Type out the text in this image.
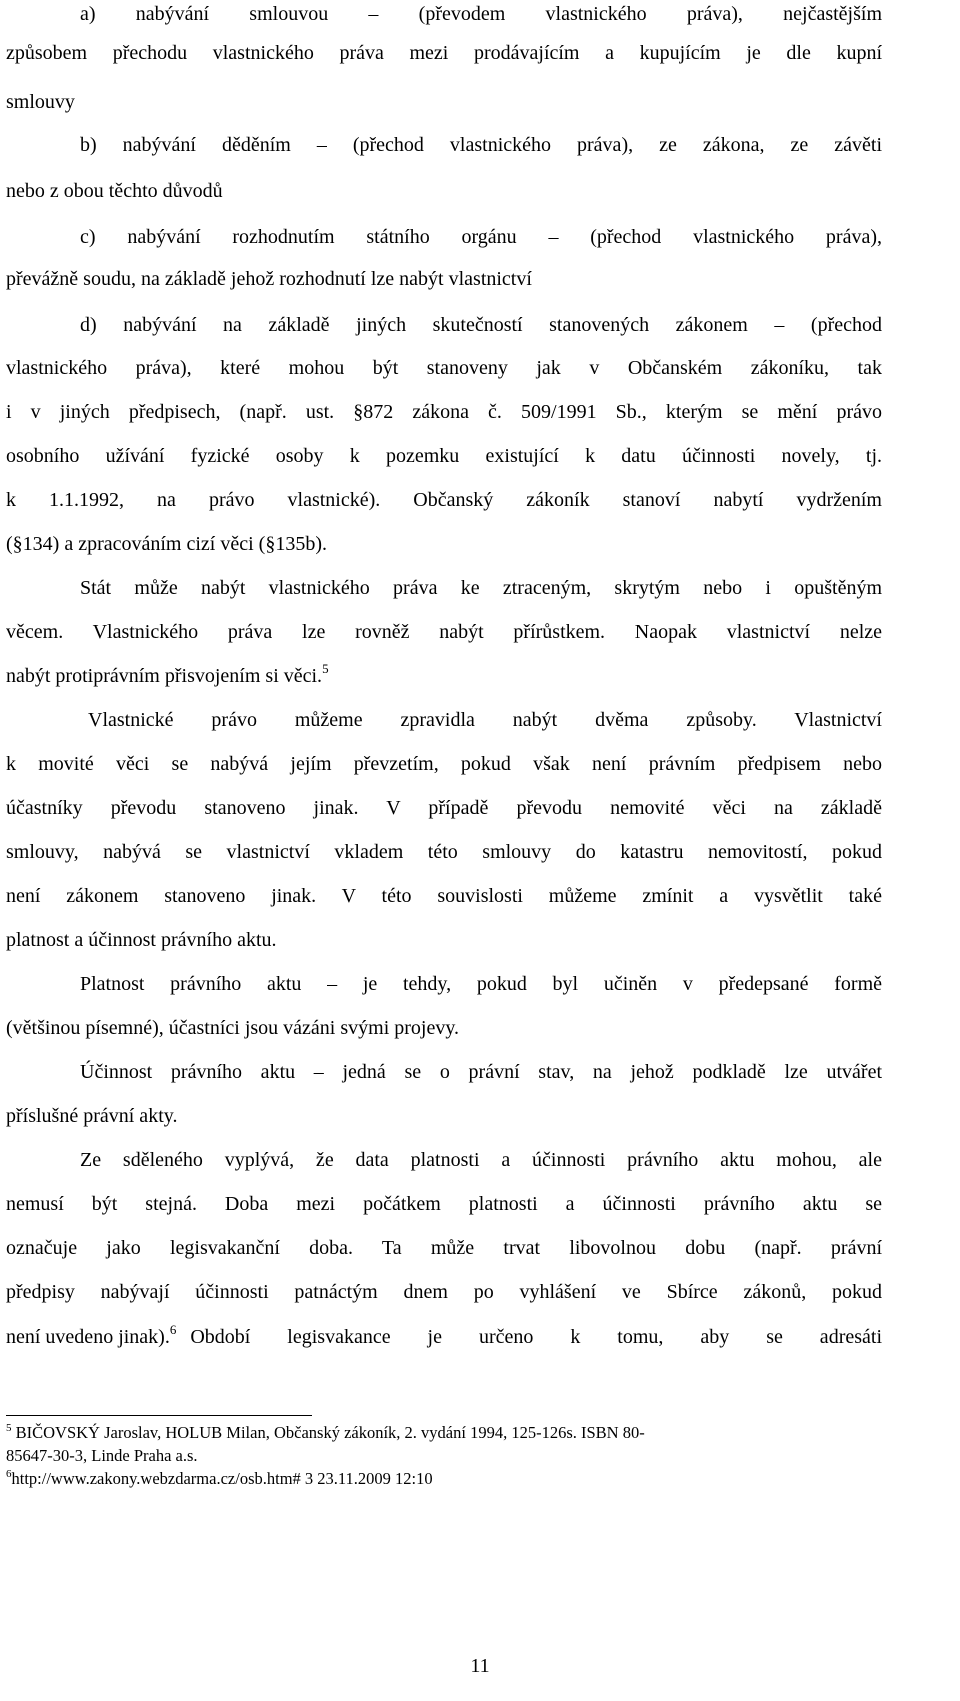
a) nabývání smlouvou – (převodem vlastnického práva), nejčastějším
způsobem přechodu vlastnického práva mezi prodávajícím a kupujícím je dle kupní
smlouvy
b) nabývání děděním – (přechod vlastnického práva), ze zákona, ze závěti
nebo z obou těchto důvodů
c) nabývání rozhodnutím státního orgánu – (přechod vlastnického práva),
převážně soudu, na základě jehož rozhodnutí lze nabýt vlastnictví
d) nabývání na základě jiných skutečností stanovených zákonem – (přechod
vlastnického práva), které mohou být stanoveny jak v Občanském zákoníku, tak
i v jiných předpisech, (např. ust. §872 zákona č. 509/1991 Sb., kterým se mění právo
osobního užívání fyzické osoby k pozemku existující k datu účinnosti novely, tj.
k 1.1.1992, na právo vlastnické). Občanský zákoník stanoví nabytí vydržením
(§134) a zpracováním cizí věci (§135b).
Stát může nabýt vlastnického práva ke ztraceným, skrytým nebo i opuštěným
věcem. Vlastnického práva lze rovněž nabýt přírůstkem. Naopak vlastnictví nelze
nabýt protiprávním přisvojením si věci.$^5$
Vlastnické právo můžeme zpravidla nabýt dvěma způsoby. Vlastnictví
k movité věci se nabývá jejím převzetím, pokud však není právním předpisem nebo
účastníky převodu stanoveno jinak. V případě převodu nemovité věci na základě
smlouvy, nabývá se vlastnictví vkladem této smlouvy do katastru nemovitostí, pokud
není zákonem stanoveno jinak. V této souvislosti můžeme zmínit a vysvětlit také
platnost a účinnost právního aktu.
Platnost právního aktu – je tehdy, pokud byl učiněn v předepsané formě
(většinou písemné), účastníci jsou vázáni svými projevy.
Účinnost právního aktu – jedná se o právní stav, na jehož podkladě lze utvářet
příslušné právní akty.
Ze sděleného vyplývá, že data platnosti a účinnosti právního aktu mohou, ale
nemusí být stejná. Doba mezi počátkem platnosti a účinnosti právního aktu se
označuje jako legisvakanční doba. Ta může trvat libovolnou dobu (např. právní
předpisy nabývají účinnosti patnáctým dnem po vyhlášení ve Sbírce zákonů, pokud
není uvedeno jinak).$^6$ Období legisvakance je určeno k tomu, aby se adresáti
$^5$ BIČOVSKÝ Jaroslav, HOLUB Milan, Občanský zákoník, 2. vydání 1994, 125-126s. ISBN 80-
85647-30-3, Linde Praha a.s.
$^6$http://www.zakony.webzdarma.cz/osb.htm# 3 23.11.2009 12:10
11
